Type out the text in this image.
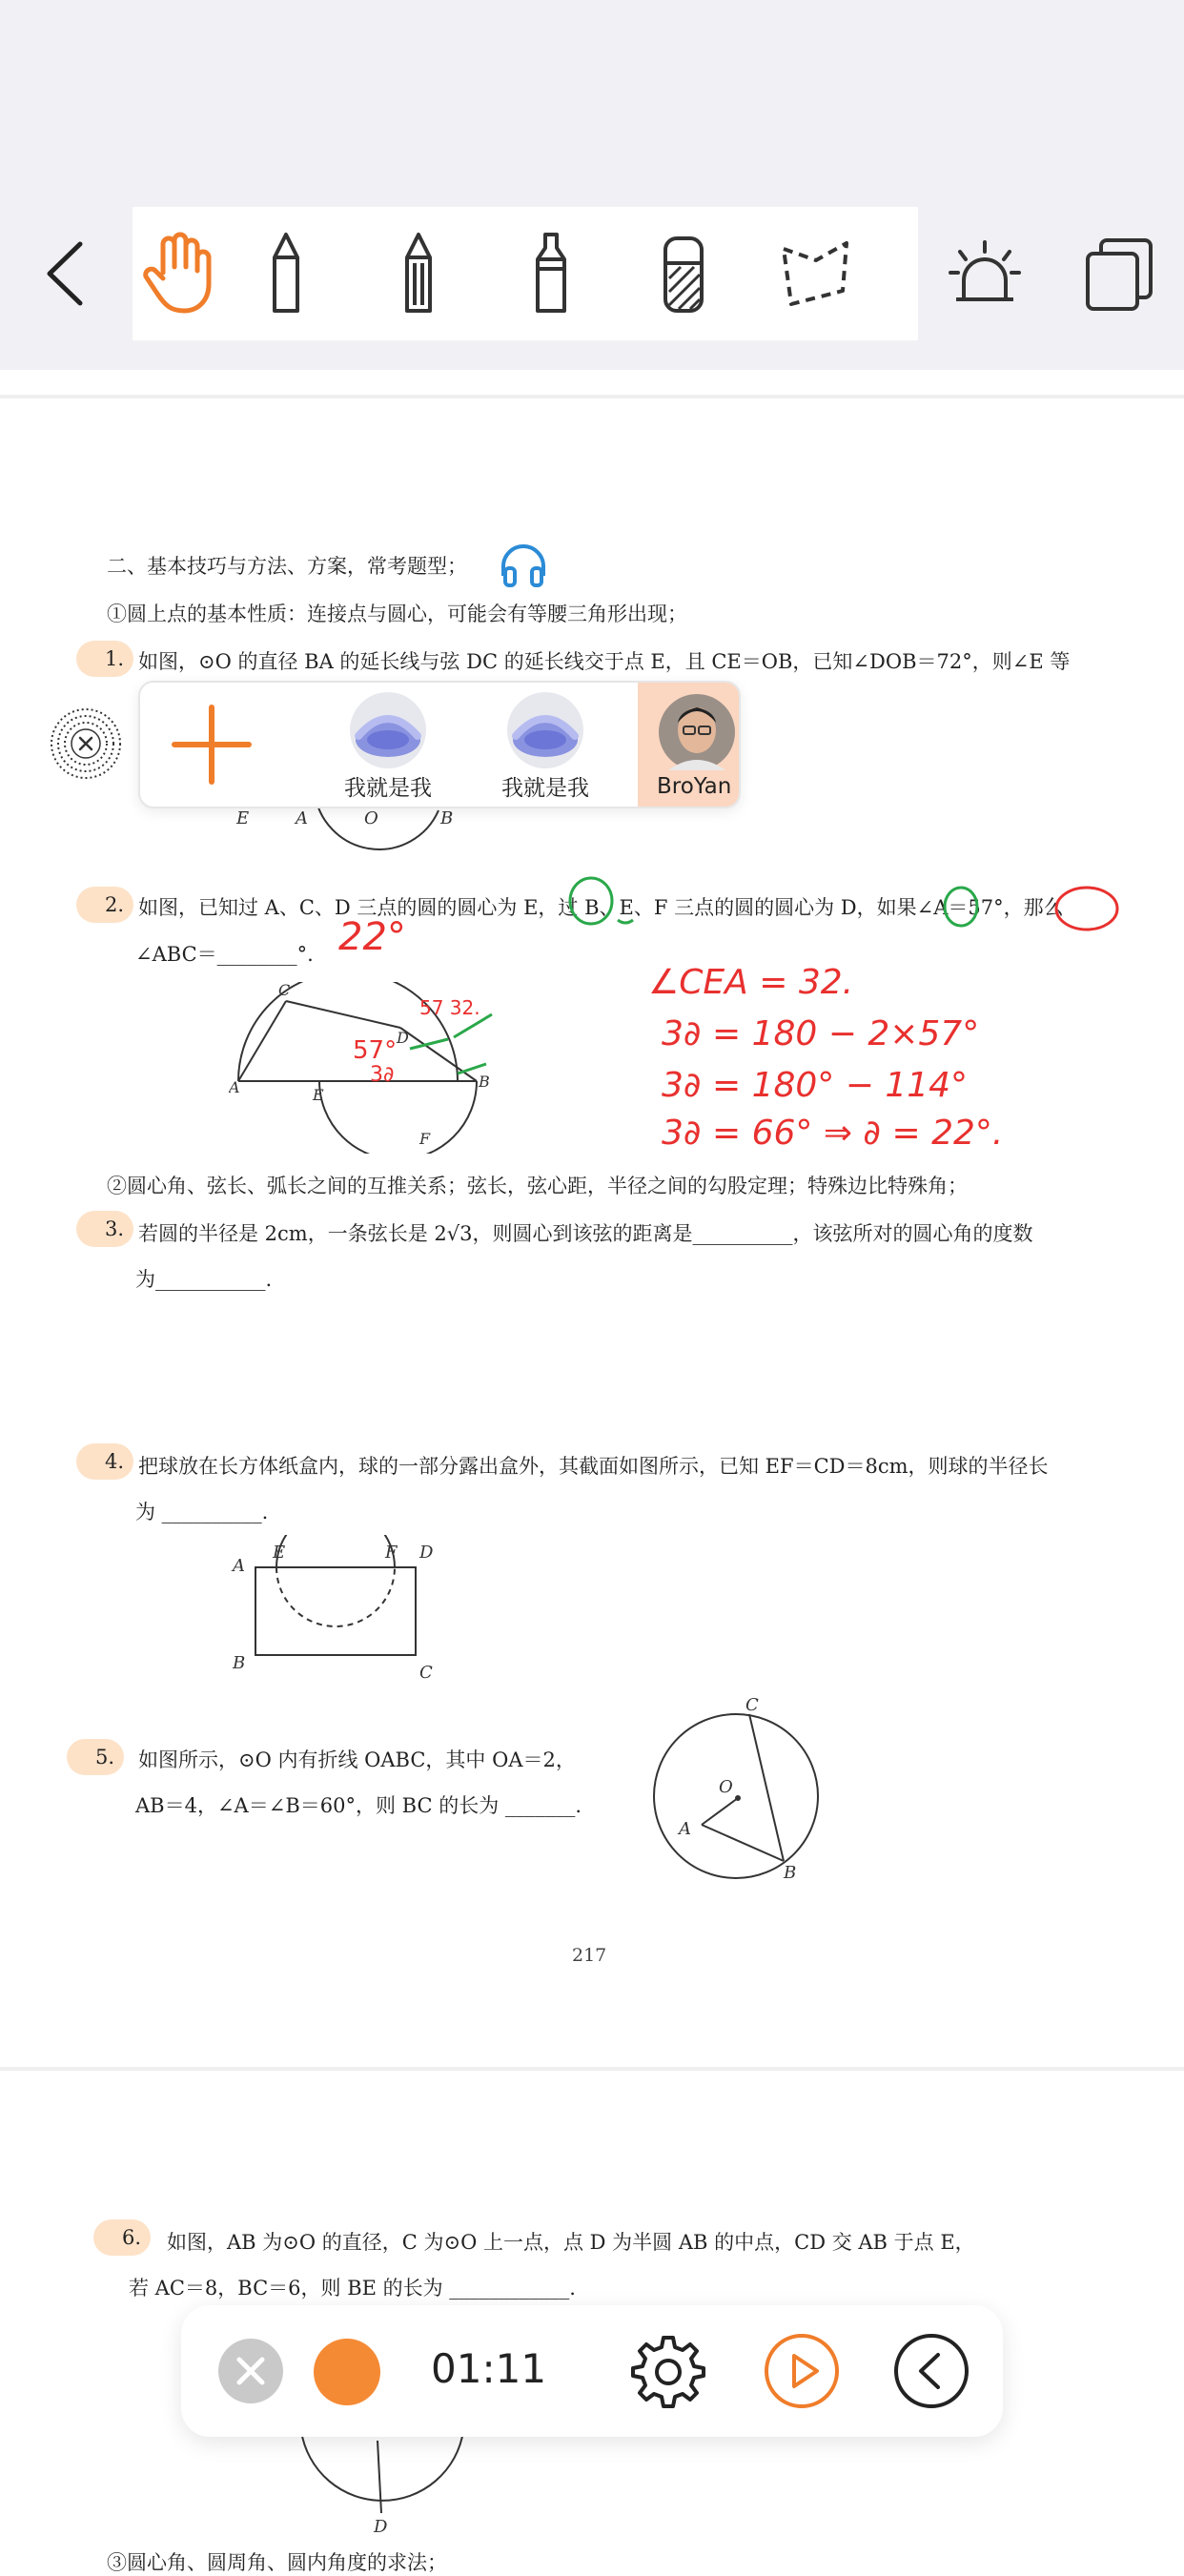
二、基本技巧与方法、方案，常考题型；
①圆上点的基本性质：连接点与圆心，可能会有等腰三角形出现；
1. 如图，⊙O 的直径 BA 的延长线与弦 DC 的延长线交于点 E，且 CE＝OB，已知∠DOB＝72°，则∠E 等
E	A	O	B
2. 如图，已知过 A、C、D 三点的圆的圆心为 E，过 B、E、F 三点的圆的圆心为 D，如果∠A＝57°，那么
∠ABC＝________°. 22°
A
C
D
E
B
F
57°
3∂
57 32.
∠CEA = 32.
3∂ = 180 − 2×57°
3∂ = 180° − 114°
3∂ = 66° ⇒ ∂ = 22°.
②圆心角、弦长、弧长之间的互推关系；弦长，弦心距，半径之间的勾股定理；特殊边比特殊角；
3. 若圆的半径是 2cm，一条弦长是 2√3，则圆心到该弦的距离是__________，该弦所对的圆心角的度数
为___________.
4. 把球放在长方体纸盒内，球的一部分露出盒外，其截面如图所示，已知 EF＝CD＝8cm，则球的半径长
为 __________.
A
E	F D
B	C
5.	如图所示，⊙O 内有折线 OABC，其中 OA＝2，
AB＝4，∠A＝∠B＝60°，则 BC 的长为 _______.
C
O
A
B
217
6.	如图，AB 为⊙O 的直径，C 为⊙O 上一点，点 D 为半圆 AB 的中点，CD 交 AB 于点 E，
若 AC＝8，BC＝6，则 BE 的长为 ____________.
D
③圆心角、圆周角、圆内角度的求法；
我就是我	我就是我	BroYan
01:11
